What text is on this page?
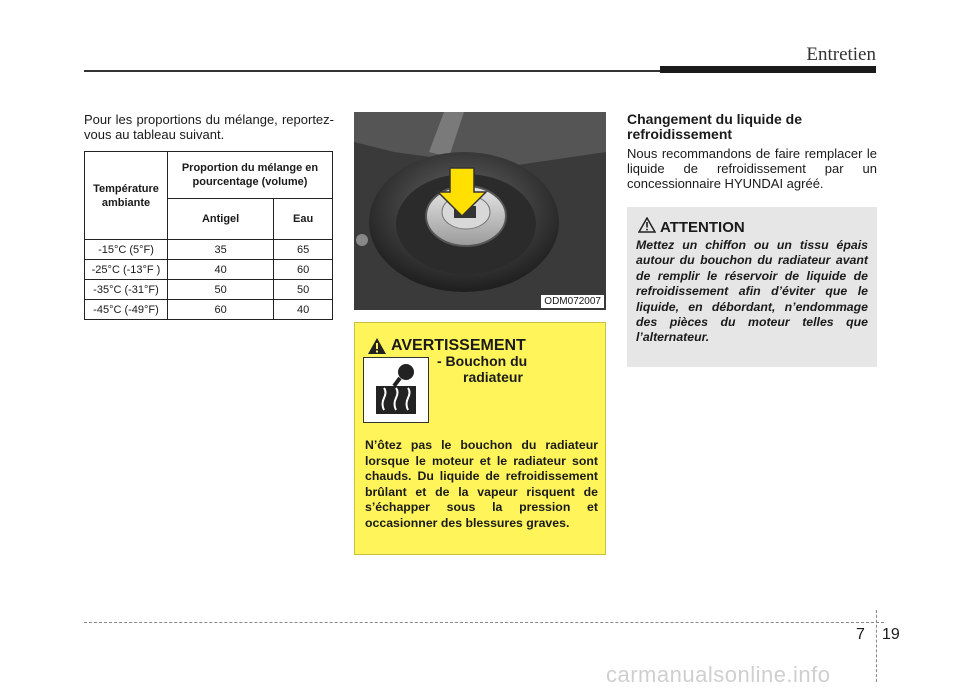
Entretien
Pour les proportions du mélange, reportez-vous au tableau suivant.
Température ambiante	Proportion du mélange en pourcentage (volume)	
	Antigel	Eau
-15°C (5°F)	35	65
-25°C (-13°F )	40	60
-35°C (-31°F)	50	50
-45°C (-49°F)	60	40
ODM072007
AVERTISSEMENT
- Bouchon du
radiateur
N’ôtez pas le bouchon du radiateur lorsque le moteur et le radiateur sont chauds. Du liquide de refroidissement brûlant et de la vapeur risquent de s’échapper sous la pression et occasionner des blessures graves.
Changement du liquide de refroidissement
Nous recommandons de faire remplacer le liquide de refroidissement par un concessionnaire HYUNDAI agréé.
ATTENTION
Mettez un chiffon ou un tissu épais autour du bouchon du radiateur avant de remplir le réservoir de liquide de refroidissement afin d’éviter que le liquide, en débordant, n’endommage des pièces du moteur telles que l’alternateur.
7 19
carmanualsonline.info
